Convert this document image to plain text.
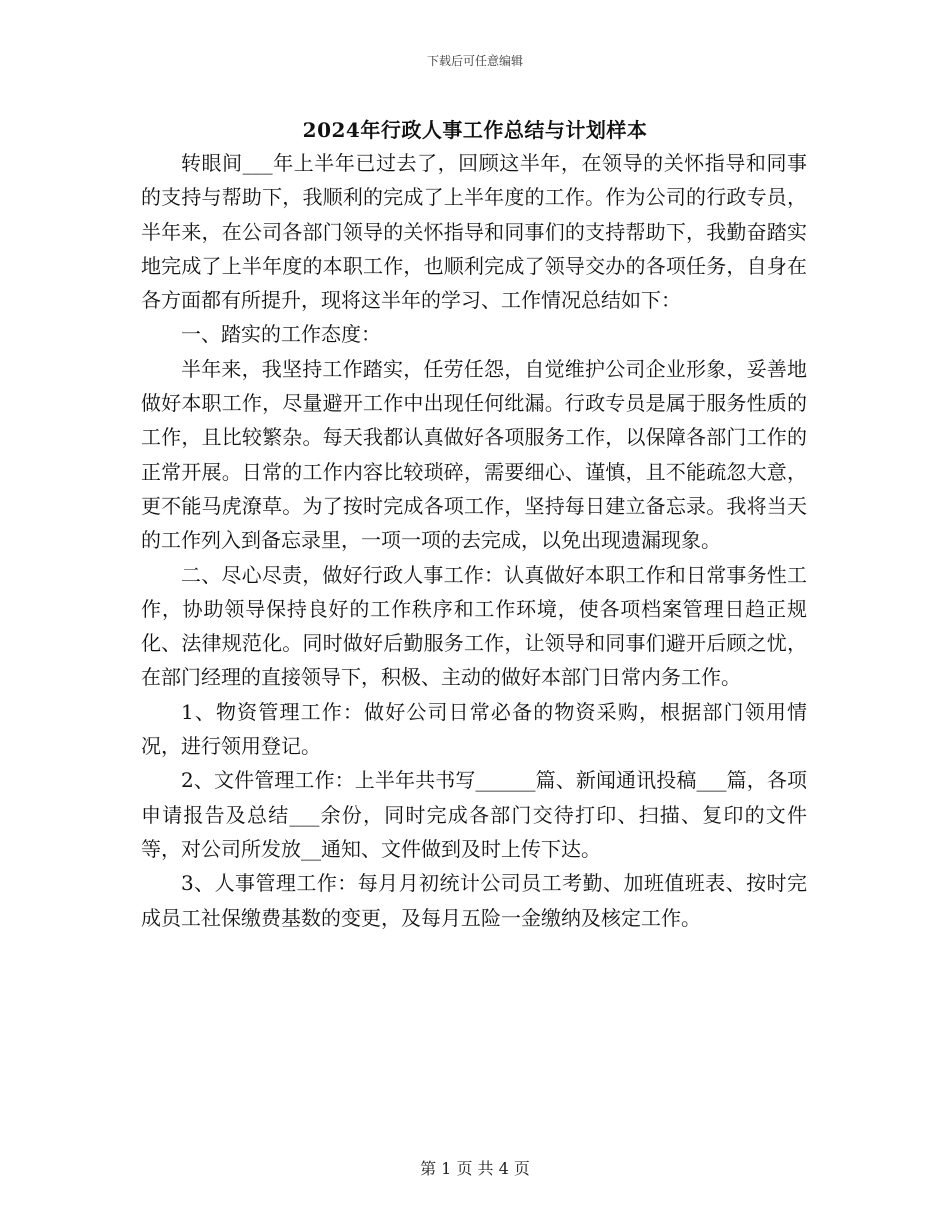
下载后可任意编辑
2024年行政人事工作总结与计划样本

转眼间___年上半年已过去了，回顾这半年，在领导的关怀指导和同事的支持与帮助下，我顺利的完成了上半年度的工作。作为公司的行政专员，半年来，在公司各部门领导的关怀指导和同事们的支持帮助下，我勤奋踏实地完成了上半年度的本职工作，也顺利完成了领导交办的各项任务，自身在各方面都有所提升，现将这半年的学习、工作情况总结如下：

一、踏实的工作态度：

半年来，我坚持工作踏实，任劳任怨，自觉维护公司企业形象，妥善地做好本职工作，尽量避开工作中出现任何纰漏。行政专员是属于服务性质的工作，且比较繁杂。每天我都认真做好各项服务工作，以保障各部门工作的正常开展。日常的工作内容比较琐碎，需要细心、谨慎，且不能疏忽大意，更不能马虎潦草。为了按时完成各项工作，坚持每日建立备忘录。我将当天的工作列入到备忘录里，一项一项的去完成，以免出现遗漏现象。

二、尽心尽责，做好行政人事工作：认真做好本职工作和日常事务性工作，协助领导保持良好的工作秩序和工作环境，使各项档案管理日趋正规化、法律规范化。同时做好后勤服务工作，让领导和同事们避开后顾之忧，在部门经理的直接领导下，积极、主动的做好本部门日常内务工作。

1、物资管理工作：做好公司日常必备的物资采购，根据部门领用情况，进行领用登记。

2、文件管理工作：上半年共书写______篇、新闻通讯投稿___篇，各项申请报告及总结___余份，同时完成各部门交待打印、扫描、复印的文件等，对公司所发放__通知、文件做到及时上传下达。

3、人事管理工作：每月月初统计公司员工考勤、加班值班表、按时完成员工社保缴费基数的变更，及每月五险一金缴纳及核定工作。

第 1 页 共 4 页
